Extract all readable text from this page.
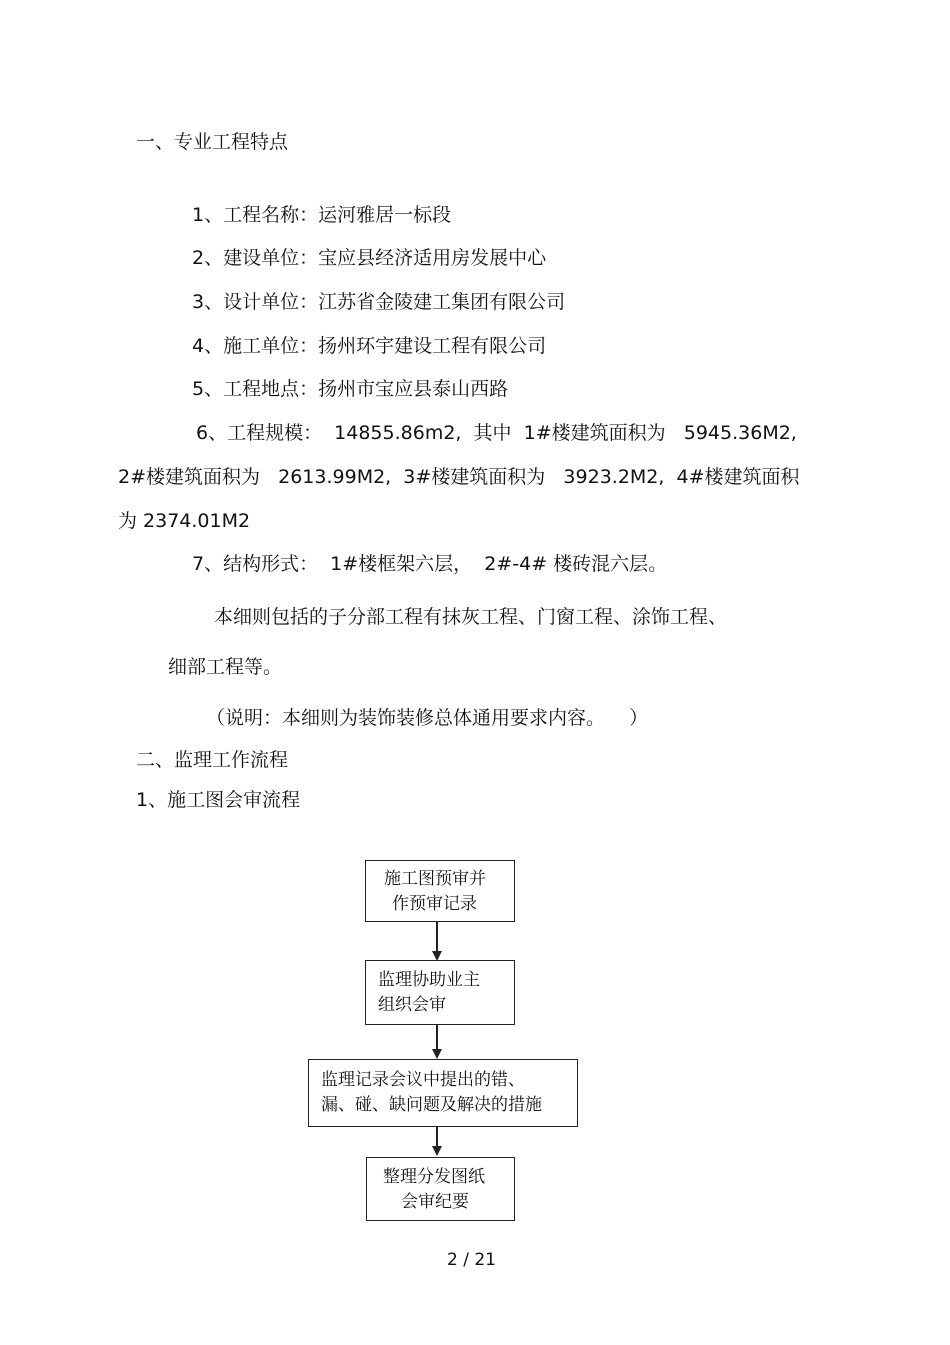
一、专业工程特点
1、工程名称：运河雅居一标段
2、建设单位：宝应县经济适用房发展中心
3、设计单位：江苏省金陵建工集团有限公司
4、施工单位：扬州环宇建设工程有限公司
5、工程地点：扬州市宝应县泰山西路
6、工程规模：  14855.86m2,  其中  1#楼建筑面积为   5945.36M2,
2#楼建筑面积为   2613.99M2,  3#楼建筑面积为   3923.2M2,  4#楼建筑面积
为 2374.01M2
7、结构形式：  1#楼框架六层，  2#-4# 楼砖混六层。
本细则包括的子分部工程有抹灰工程、门窗工程、涂饰工程、
细部工程等。
（说明：本细则为装饰装修总体通用要求内容。    ）
二、监理工作流程
1、施工图会审流程
施工图预审并
作预审记录
监理协助业主
组织会审
监理记录会议中提出的错、
漏、碰、缺问题及解决的措施
整理分发图纸
会审纪要
2 / 21
